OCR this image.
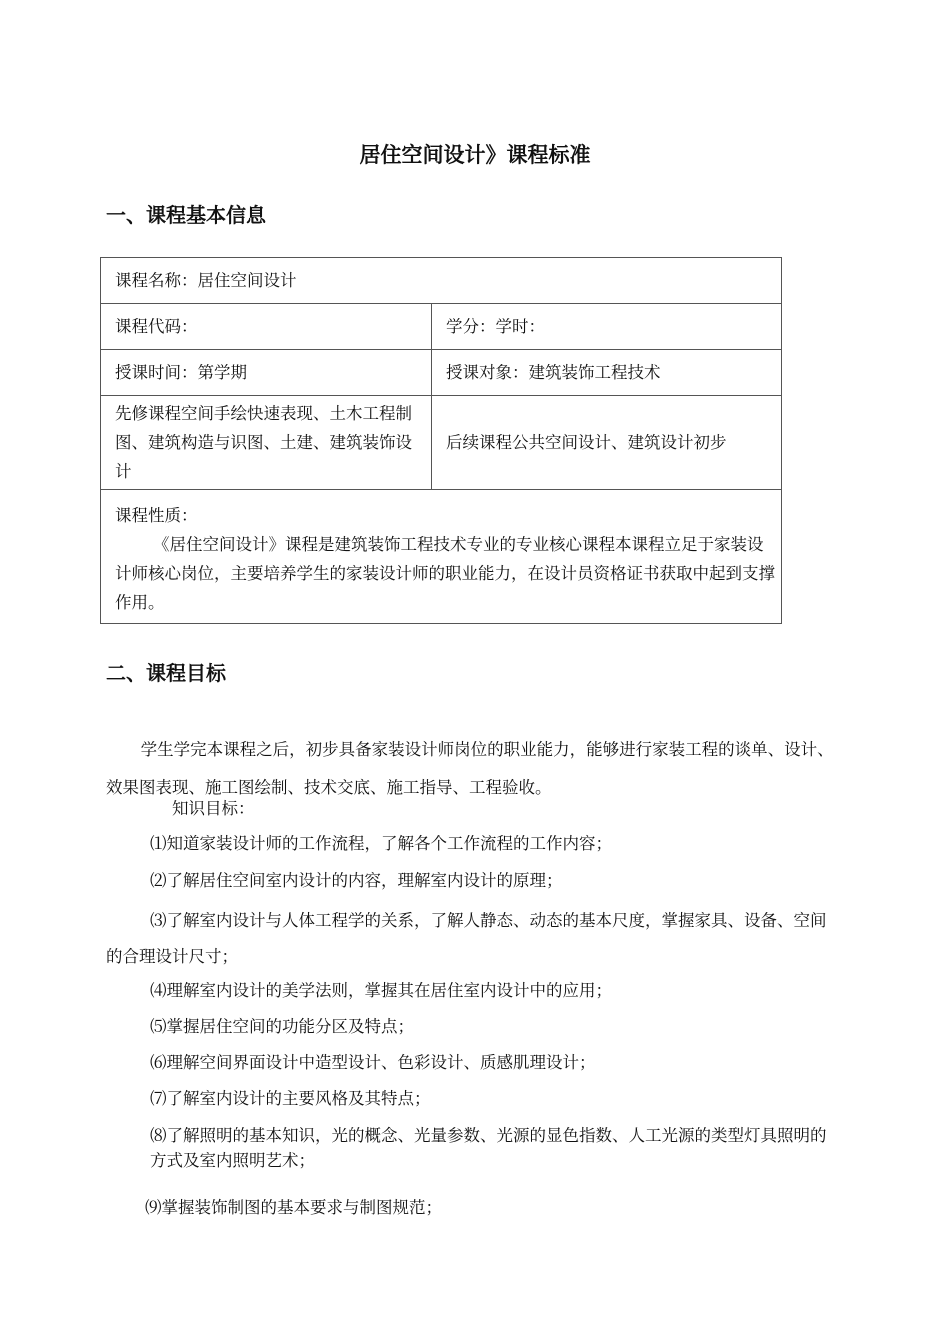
居住空间设计》课程标准
一、课程基本信息
课程名称：居住空间设计	
课程代码：	学分：学时：
授课时间：第学期	授课对象：建筑装饰工程技术
先修课程空间手绘快速表现、土木工程制图、建筑构造与识图、土建、建筑装饰设计	后续课程公共空间设计、建筑设计初步

课程性质：
《居住空间设计》课程是建筑装饰工程技术专业的专业核心课程本课程立足于家装设计师核心岗位，主要培养学生的家装设计师的职业能力，在设计员资格证书获取中起到支撑作用。	
二、课程目标

学生学完本课程之后，初步具备家装设计师岗位的职业能力，能够进行家装工程的谈单、设计、效果图表现、施工图绘制、技术交底、施工指导、工程验收。

知识目标：
⑴知道家装设计师的工作流程，了解各个工作流程的工作内容；
⑵了解居住空间室内设计的内容，理解室内设计的原理；
⑶了解室内设计与人体工程学的关系，了解人静态、动态的基本尺度，掌握家具、设备、空间的合理设计尺寸；
⑷理解室内设计的美学法则，掌握其在居住室内设计中的应用；
⑸掌握居住空间的功能分区及特点；
⑹理解空间界面设计中造型设计、色彩设计、质感肌理设计；
⑺了解室内设计的主要风格及其特点；
⑻了解照明的基本知识，光的概念、光量参数、光源的显色指数、人工光源的类型灯具照明的方式及室内照明艺术；
⑼掌握装饰制图的基本要求与制图规范；
